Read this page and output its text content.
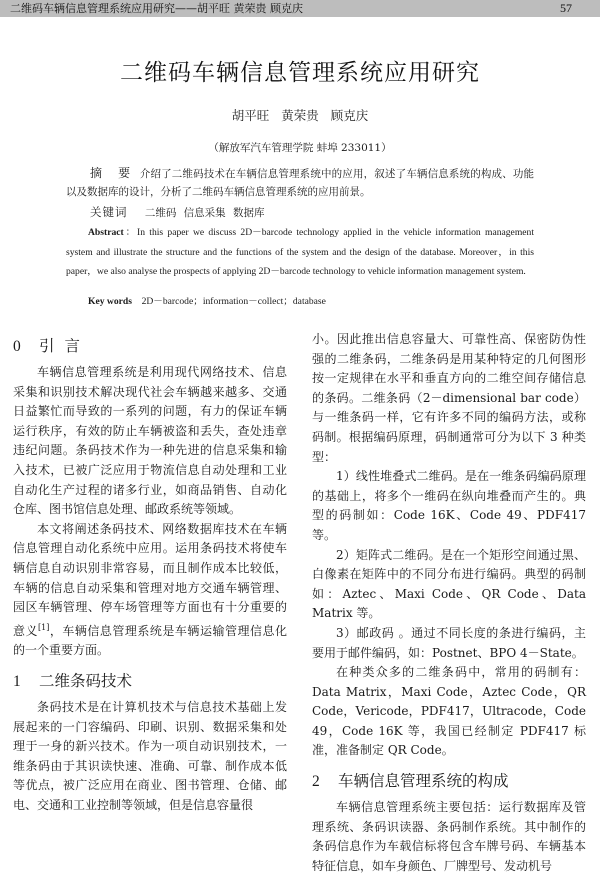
二维码车辆信息管理系统应用研究——胡平旺 黄荣贵 顾克庆	57
二维码车辆信息管理系统应用研究
胡平旺 黄荣贵 顾克庆
（解放军汽车管理学院 蚌埠 233011）
摘 要 介绍了二维码技术在车辆信息管理系统中的应用，叙述了车辆信息系统的构成、功能以及数据库的设计，分析了二维码车辆信息管理系统的应用前景。
关键词 二维码 信息采集 数据库
Abstract：In this paper we discuss 2D－barcode technology applied in the vehicle information management system and illustrate the structure and the functions of the system and the design of the database. Moreover，in this paper，we also analyse the prospects of applying 2D－barcode technology to vehicle information management system.
Key words　 2D－barcode；information－collect；database
0 引言

车辆信息管理系统是利用现代网络技术、信息采集和识别技术解决现代社会车辆越来越多、交通日益繁忙而导致的一系列的问题，有力的保证车辆运行秩序，有效的防止车辆被盗和丢失，查处违章违纪问题。条码技术作为一种先进的信息采集和输入技术，已被广泛应用于物流信息自动处理和工业自动化生产过程的诸多行业，如商品销售、自动化仓库、图书馆信息处理、邮政系统等领域。

本文将阐述条码技术、网络数据库技术在车辆信息管理自动化系统中应用。运用条码技术将使车辆信息自动识别非常容易，而且制作成本比较低，车辆的信息自动采集和管理对地方交通车辆管理、园区车辆管理、停车场管理等方面也有十分重要的意义[1]，车辆信息管理系统是车辆运输管理信息化的一个重要方面。

1 二维条码技术

条码技术是在计算机技术与信息技术基础上发展起来的一门容编码、印刷、识别、数据采集和处理于一身的新兴技术。作为一项自动识别技术，一维条码由于其识读快速、准确、可靠、制作成本低等优点，被广泛应用在商业、图书管理、仓储、邮电、交通和工业控制等领域，但是信息容量很

小。因此推出信息容量大、可靠性高、保密防伪性强的二维条码，二维条码是用某种特定的几何图形按一定规律在水平和垂直方向的二维空间存储信息的条码。二维条码（2－dimensional bar code）与一维条码一样，它有许多不同的编码方法，或称码制。根据编码原理，码制通常可分为以下 3 种类型：

1）线性堆叠式二维码。是在一维条码编码原理的基础上，将多个一维码在纵向堆叠而产生的。典型的码制如：Code 16K、Code 49、PDF417 等。

2）矩阵式二维码。是在一个矩形空间通过黑、白像素在矩阵中的不同分布进行编码。典型的码制如：Aztec、Maxi Code、QR Code、Data Matrix 等。

3）邮政码 。通过不同长度的条进行编码，主要用于邮件编码，如：Postnet、BPO 4－State。

在种类众多的二维条码中，常用的码制有：Data Matrix，Maxi Code，Aztec Code，QR Code，Vericode，PDF417，Ultracode，Code 49，Code 16K 等，我国已经制定 PDF417 标准，准备制定 QR Code。

2 车辆信息管理系统的构成

车辆信息管理系统主要包括：运行数据库及管理系统、条码识读器、条码制作系统。其中制作的条码信息作为车载信标将包含车牌号码、车辆基本特征信息，如车身颜色、厂牌型号、发动机号
